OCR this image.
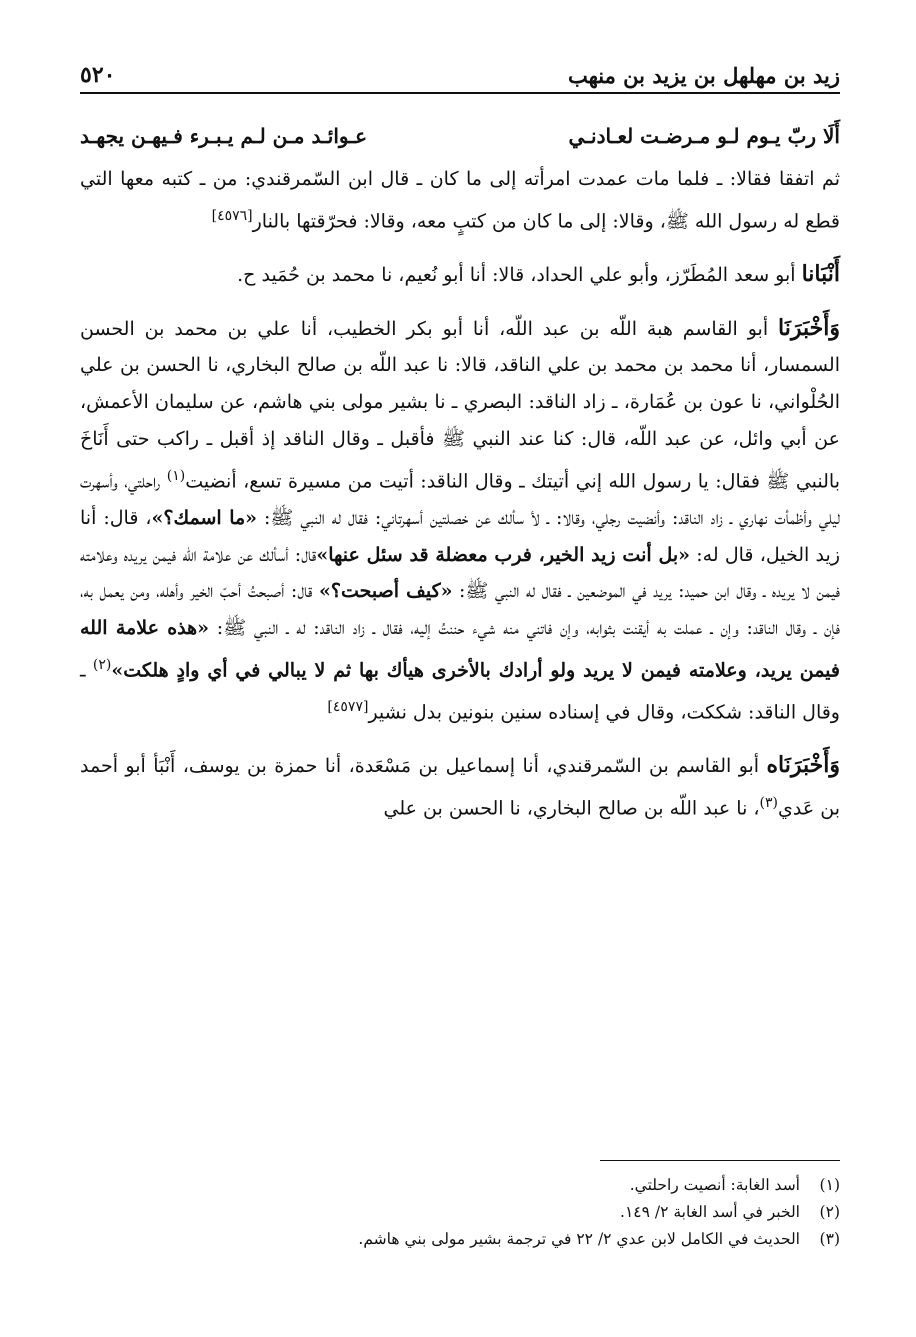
زيد بن مهلهل بن يزيد بن منهب
٥٢٠
أَلَا ربّ يـوم لـو مـرضـت لعـادنـي
عـوائـد مـن لـم يـبـرء فـيهـن يجهـد

ثم اتفقا فقالا: ـ فلما مات عمدت امرأته إلى ما كان ـ قال ابن السّمرقندي: من ـ كتبه معها التي قطع له رسول الله ﷺ، وقالا: إلى ما كان من كتبٍ معه، وقالا: فحرّقتها بالنار[٤٥٧٦]

أَنْبَانا أبو سعد المُطَرّز، وأبو علي الحداد، قالا: أنا أبو نُعيم، نا محمد بن حُمَيد ح.

وَأَخْبَرَنَا أبو القاسم هبة اللّه بن عبد اللّه، أنا أبو بكر الخطيب، أنا علي بن محمد بن الحسن السمسار، أنا محمد بن محمد بن علي الناقد، قالا: نا عبد اللّه بن صالح البخاري، نا الحسن بن علي الحُلْواني، نا عون بن عُمَارة، ـ زاد الناقد: البصري ـ نا بشير مولى بني هاشم، عن سليمان الأعمش، عن أبي وائل، عن عبد اللّه، قال: كنا عند النبي ﷺ فأقبل ـ وقال الناقد إذ أقبل ـ راكب حتى أَنَاخَ بالنبي ﷺ فقال: يا رسول الله إني أتيتك ـ وقال الناقد: أتيت من مسيرة تسع، أنضيت$^{(١)}$ راحلتي، وأسهرت ليلي وأظمأت نهاري ـ زاد الناقد: وأنضيت رجلي، وقالا: ـ لأ سألك عن خصلتين أسهرتاني: فقال له النبي ﷺ: «ما اسمك؟»، قال: أنا زيد الخيل، قال له: «بل أنت زيد الخير، فرب معضلة قد سئل عنها»قال: أسألك عن علامة الله فيمن يريده وعلامته فيمن لا يريده ـ وقال ابن حميد: يريد في الموضعين ـ فقال له النبي ﷺ: «كيف أصبحت؟» قال: أصبحتُ أحبّ الخير وأهله، ومن يعمل به، فإن ـ وقال الناقد: وإن ـ عملت به أيقنت بثوابه، وإن فاتني منه شيء حننتُ إليه، فقال ـ زاد الناقد: له ـ النبي ﷺ: «هذه علامة الله فيمن يريد، وعلامته فيمن لا يريد ولو أرادك بالأخرى هيأك بها ثم لا يبالي في أي وادٍ هلكت»$^{(٢)}$ ـ وقال الناقد: شككت، وقال في إسناده سنين بنونين بدل نشير[٤٥٧٧]

وَأَخْبَرَنَاه أبو القاسم بن السّمرقندي، أنا إسماعيل بن مَسْعَدة، أنا حمزة بن يوسف، أَنْبَأ أبو أحمد بن عَدي$^{(٣)}$، نا عبد اللّه بن صالح البخاري، نا الحسن بن علي

(١)
أسد الغابة: أنصيت راحلتي.
(٢)
الخبر في أسد الغابة ٢/ ١٤٩.
(٣)
الحديث في الكامل لابن عدي ٢/ ٢٢ في ترجمة بشير مولى بني هاشم.
